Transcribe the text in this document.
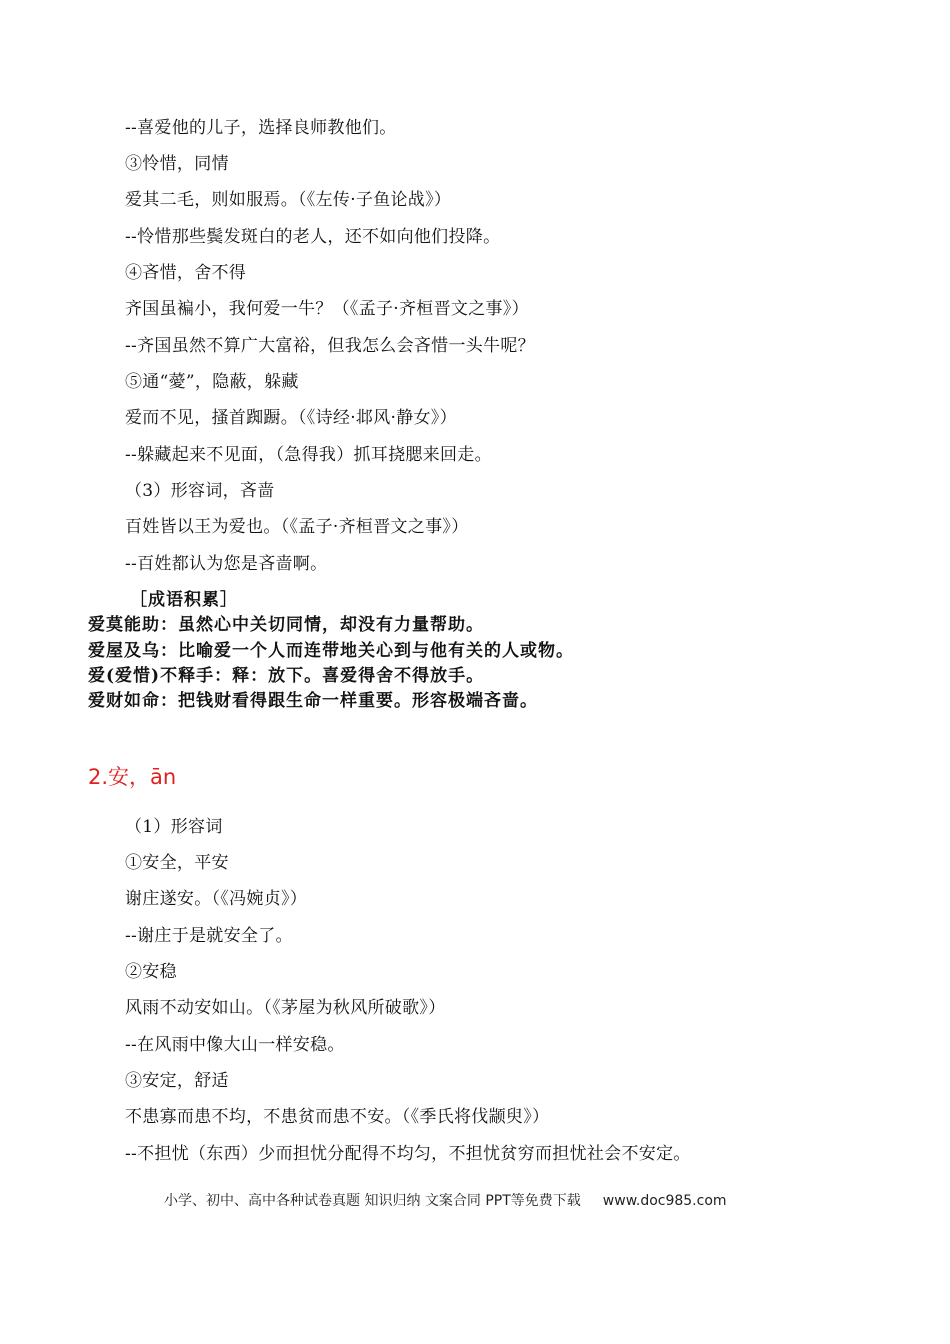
--喜爱他的儿子，选择良师教他们。
③怜惜，同情
爱其二毛，则如服焉。（《左传·子鱼论战》）
--怜惜那些鬓发斑白的老人，还不如向他们投降。
④吝惜，舍不得
齐国虽褊小，我何爱一牛？（《孟子·齐桓晋文之事》）
--齐国虽然不算广大富裕，但我怎么会吝惜一头牛呢？
⑤通“薆”，隐蔽，躲藏
爱而不见，搔首踟蹰。（《诗经·邶风·静女》）
--躲藏起来不见面，（急得我）抓耳挠腮来回走。
（3）形容词，吝啬
百姓皆以王为爱也。（《孟子·齐桓晋文之事》）
--百姓都认为您是吝啬啊。
［成语积累］
爱莫能助：虽然心中关切同情，却没有力量帮助。
爱屋及乌：比喻爱一个人而连带地关心到与他有关的人或物。
爱(爱惜)不释手：释：放下。喜爱得舍不得放手。
爱财如命：把钱财看得跟生命一样重要。形容极端吝啬。
2.安，ān
（1）形容词
①安全，平安
谢庄遂安。（《冯婉贞》）
--谢庄于是就安全了。
②安稳
风雨不动安如山。（《茅屋为秋风所破歌》）
--在风雨中像大山一样安稳。
③安定，舒适
不患寡而患不均，不患贫而患不安。（《季氏将伐颛臾》）
--不担忧（东西）少而担忧分配得不均匀，不担忧贫穷而担忧社会不安定。
小学、初中、高中各种试卷真题 知识归纳 文案合同 PPT等免费下载 www.doc985.com
